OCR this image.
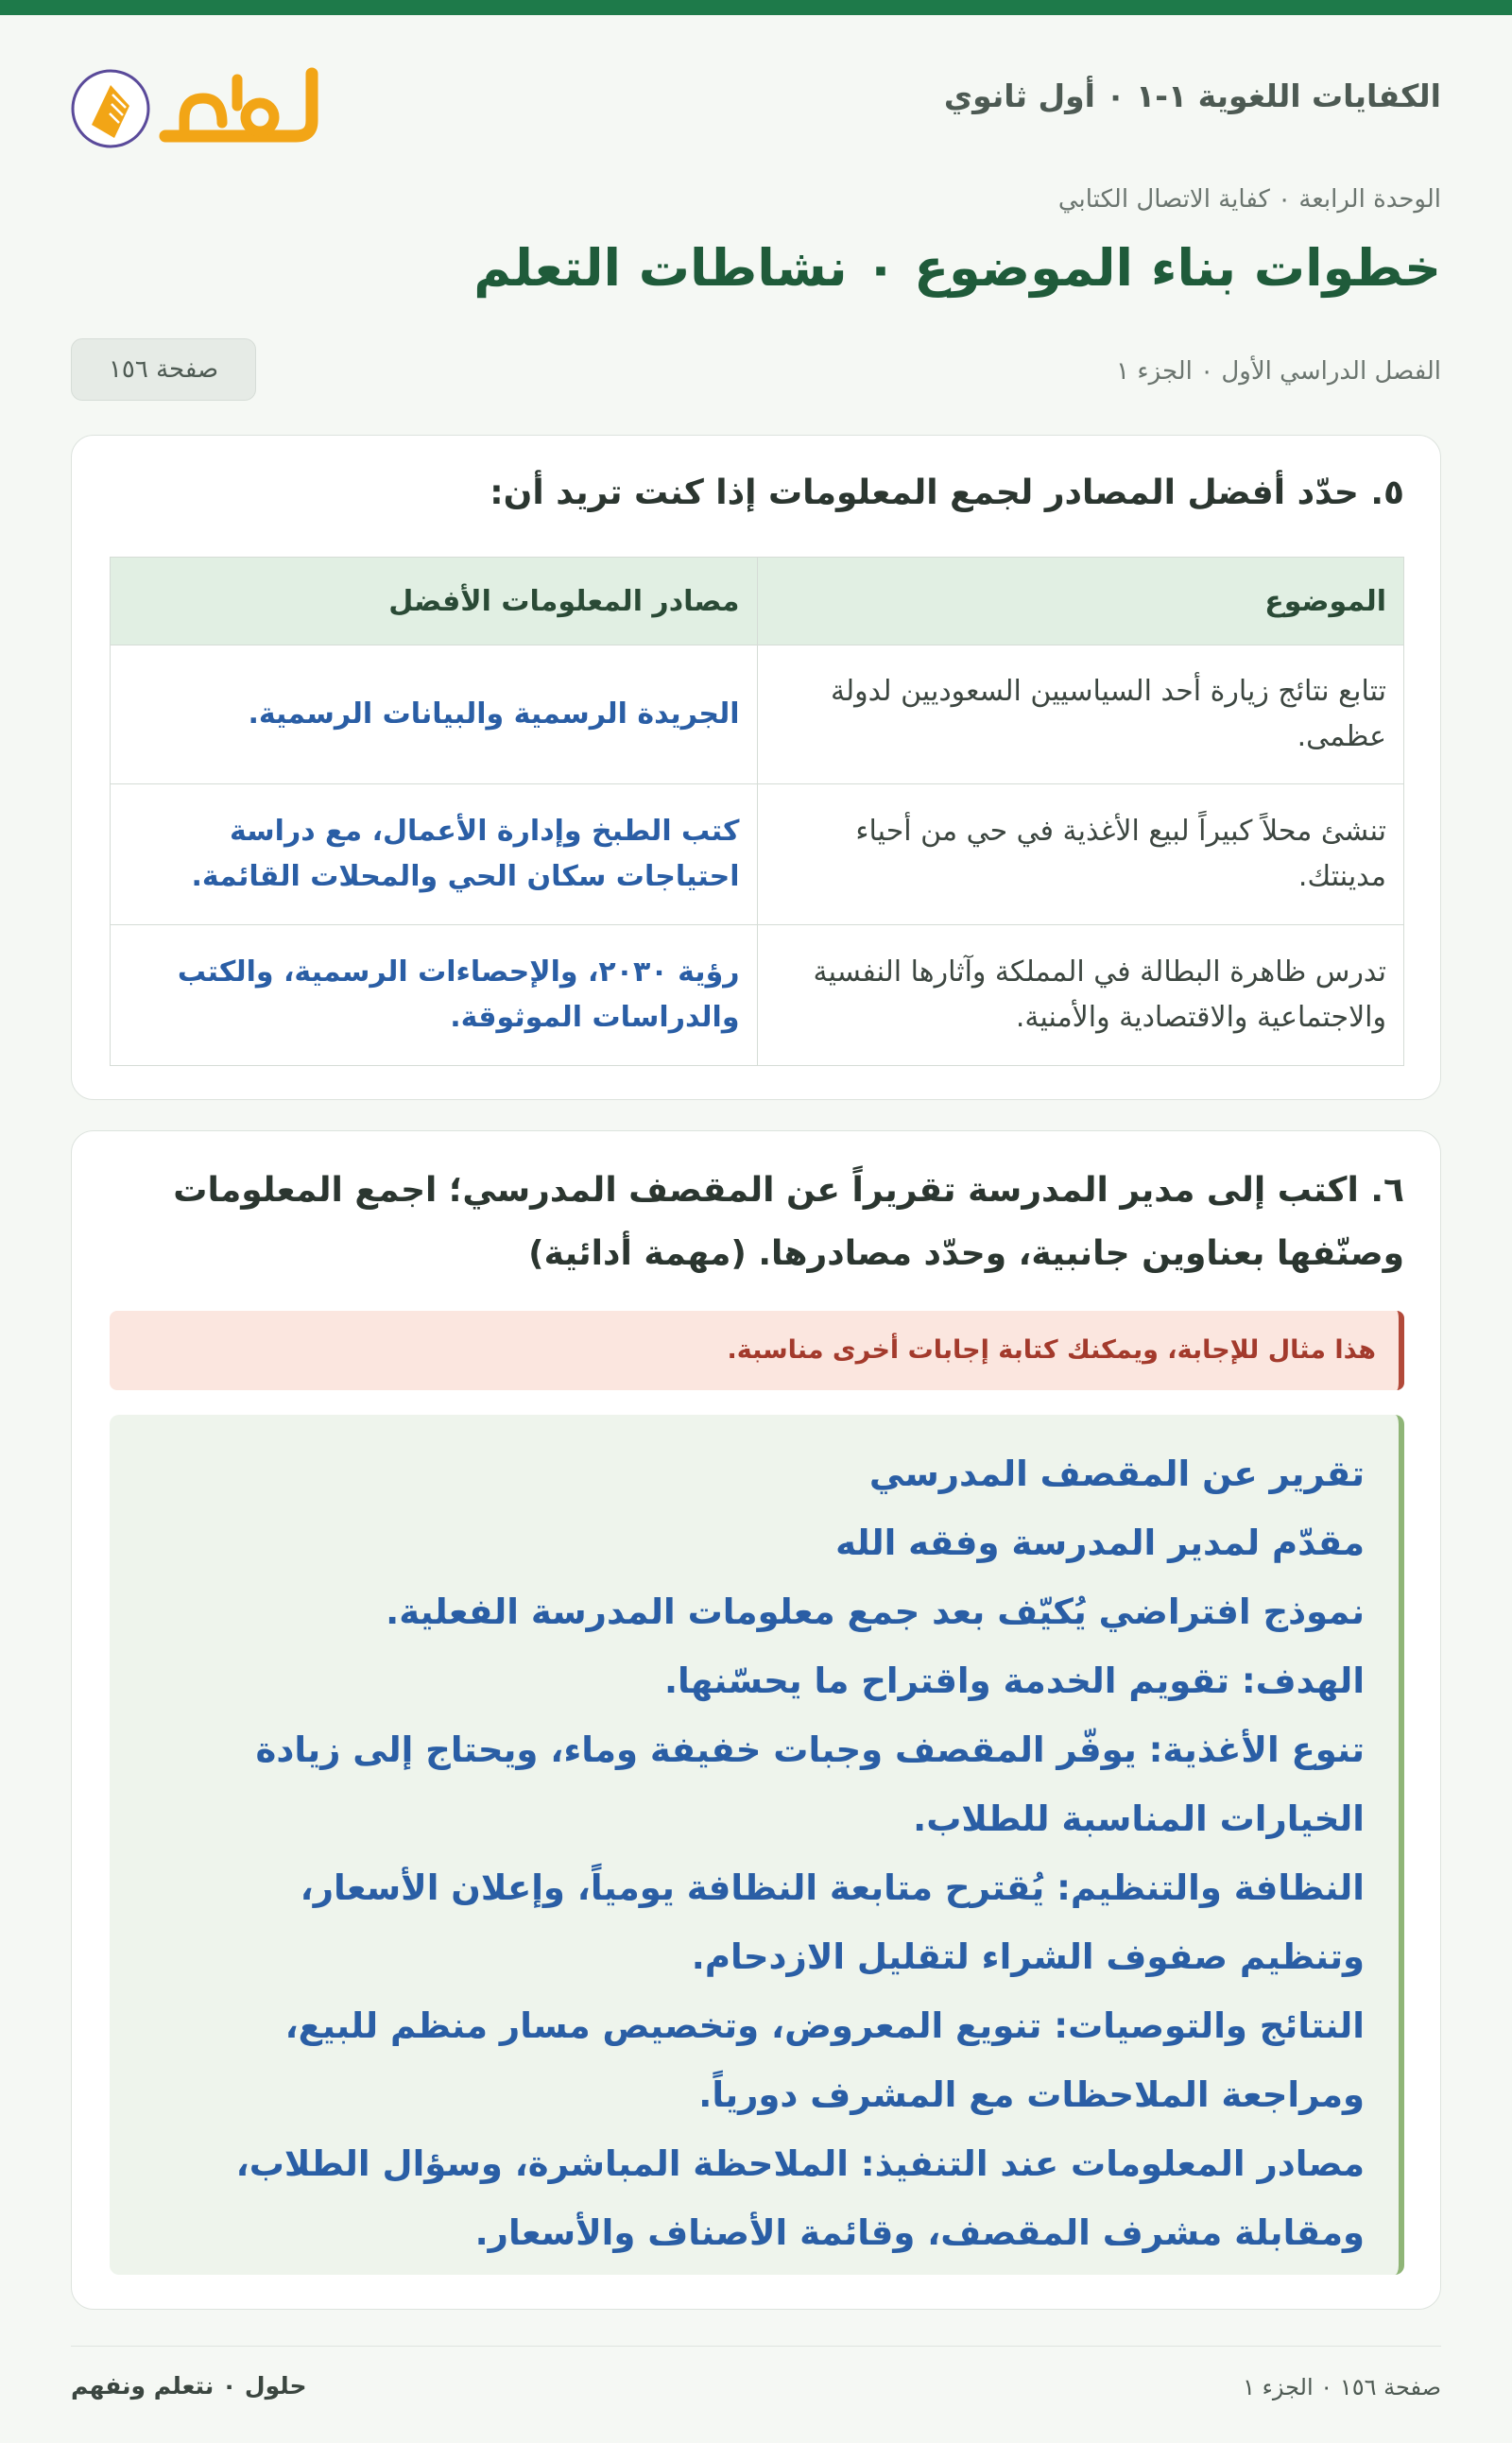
الكفايات اللغوية ١-١ ٠ أول ثانوي
الوحدة الرابعة ٠ كفاية الاتصال الكتابي
خطوات بناء الموضوع ٠ نشاطات التعلم
الفصل الدراسي الأول ٠ الجزء ١
صفحة ١٥٦
٥. حدّد أفضل المصادر لجمع المعلومات إذا كنت تريد أن:
الموضوع	مصادر المعلومات الأفضل
تتابع نتائج زيارة أحد السياسيين السعوديين لدولة عظمى.	الجريدة الرسمية والبيانات الرسمية.
تنشئ محلاً كبيراً لبيع الأغذية في حي من أحياء مدينتك.	كتب الطبخ وإدارة الأعمال، مع دراسة احتياجات سكان الحي والمحلات القائمة.
تدرس ظاهرة البطالة في المملكة وآثارها النفسية والاجتماعية والاقتصادية والأمنية.	رؤية ٢٠٣٠، والإحصاءات الرسمية، والكتب والدراسات الموثوقة.
٦. اكتب إلى مدير المدرسة تقريراً عن المقصف المدرسي؛ اجمع المعلومات وصنّفها بعناوين جانبية، وحدّد مصادرها. (مهمة أدائية)
هذا مثال للإجابة، ويمكنك كتابة إجابات أخرى مناسبة.

تقرير عن المقصف المدرسي

مقدّم لمدير المدرسة وفقه الله

نموذج افتراضي يُكيّف بعد جمع معلومات المدرسة الفعلية.

الهدف: تقويم الخدمة واقتراح ما يحسّنها.

تنوع الأغذية: يوفّر المقصف وجبات خفيفة وماء، ويحتاج إلى زيادة

الخيارات المناسبة للطلاب.

النظافة والتنظيم: يُقترح متابعة النظافة يومياً، وإعلان الأسعار،

وتنظيم صفوف الشراء لتقليل الازدحام.

النتائج والتوصيات: تنويع المعروض، وتخصيص مسار منظم للبيع،

ومراجعة الملاحظات مع المشرف دورياً.

مصادر المعلومات عند التنفيذ: الملاحظة المباشرة، وسؤال الطلاب،

ومقابلة مشرف المقصف، وقائمة الأصناف والأسعار.

صفحة ١٥٦ ٠ الجزء ١
حلول ٠ نتعلم ونفهم
